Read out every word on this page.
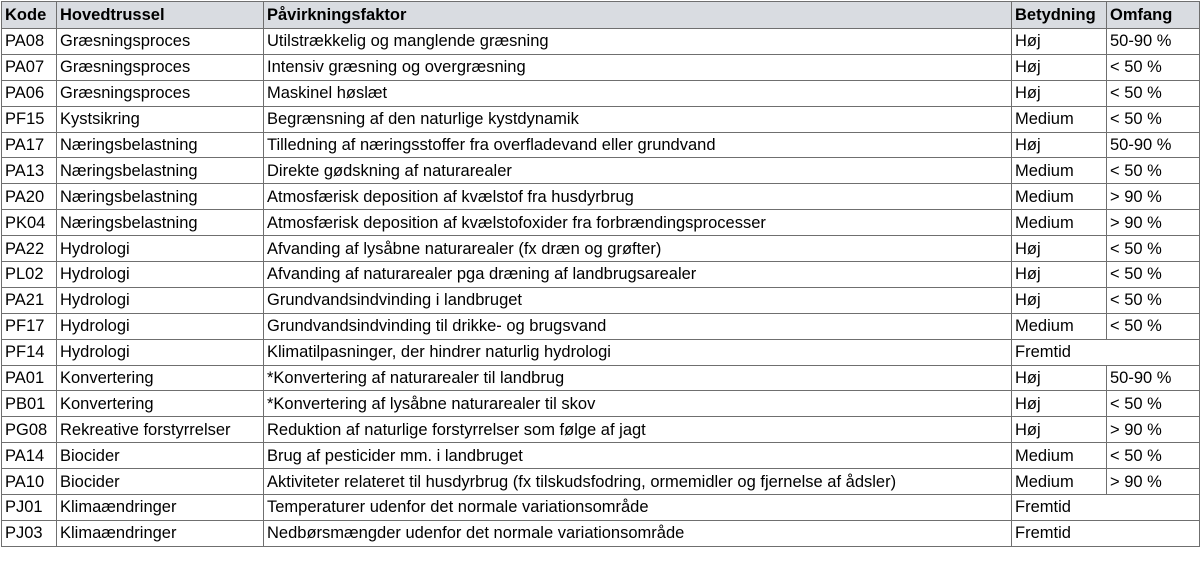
Kode	Hovedtrussel	Påvirkningsfaktor	Betydning	Omfang
PA08	Græsningsproces	Utilstrækkelig og manglende græsning	Høj	50-90 %
PA07	Græsningsproces	Intensiv græsning og overgræsning	Høj	< 50 %
PA06	Græsningsproces	Maskinel høslæt	Høj	< 50 %
PF15	Kystsikring	Begrænsning af den naturlige kystdynamik	Medium	< 50 %
PA17	Næringsbelastning	Tilledning af næringsstoffer fra overfladevand eller grundvand	Høj	50-90 %
PA13	Næringsbelastning	Direkte gødskning af naturarealer	Medium	< 50 %
PA20	Næringsbelastning	Atmosfærisk deposition af kvælstof fra husdyrbrug	Medium	> 90 %
PK04	Næringsbelastning	Atmosfærisk deposition af kvælstofoxider fra forbrændingsprocesser	Medium	> 90 %
PA22	Hydrologi	Afvanding af lysåbne naturarealer (fx dræn og grøfter)	Høj	< 50 %
PL02	Hydrologi	Afvanding af naturarealer pga dræning af landbrugsarealer	Høj	< 50 %
PA21	Hydrologi	Grundvandsindvinding i landbruget	Høj	< 50 %
PF17	Hydrologi	Grundvandsindvinding til drikke- og brugsvand	Medium	< 50 %
PF14	Hydrologi	Klimatilpasninger, der hindrer naturlig hydrologi	Fremtid	
PA01	Konvertering	*Konvertering af naturarealer til landbrug	Høj	50-90 %
PB01	Konvertering	*Konvertering af lysåbne naturarealer til skov	Høj	< 50 %
PG08	Rekreative forstyrrelser	Reduktion af naturlige forstyrrelser som følge af jagt	Høj	> 90 %
PA14	Biocider	Brug af pesticider mm. i landbruget	Medium	< 50 %
PA10	Biocider	Aktiviteter relateret til husdyrbrug (fx tilskudsfodring, ormemidler og fjernelse af ådsler)	Medium	> 90 %
PJ01	Klimaændringer	Temperaturer udenfor det normale variationsområde	Fremtid	
PJ03	Klimaændringer	Nedbørsmængder udenfor det normale variationsområde	Fremtid	
